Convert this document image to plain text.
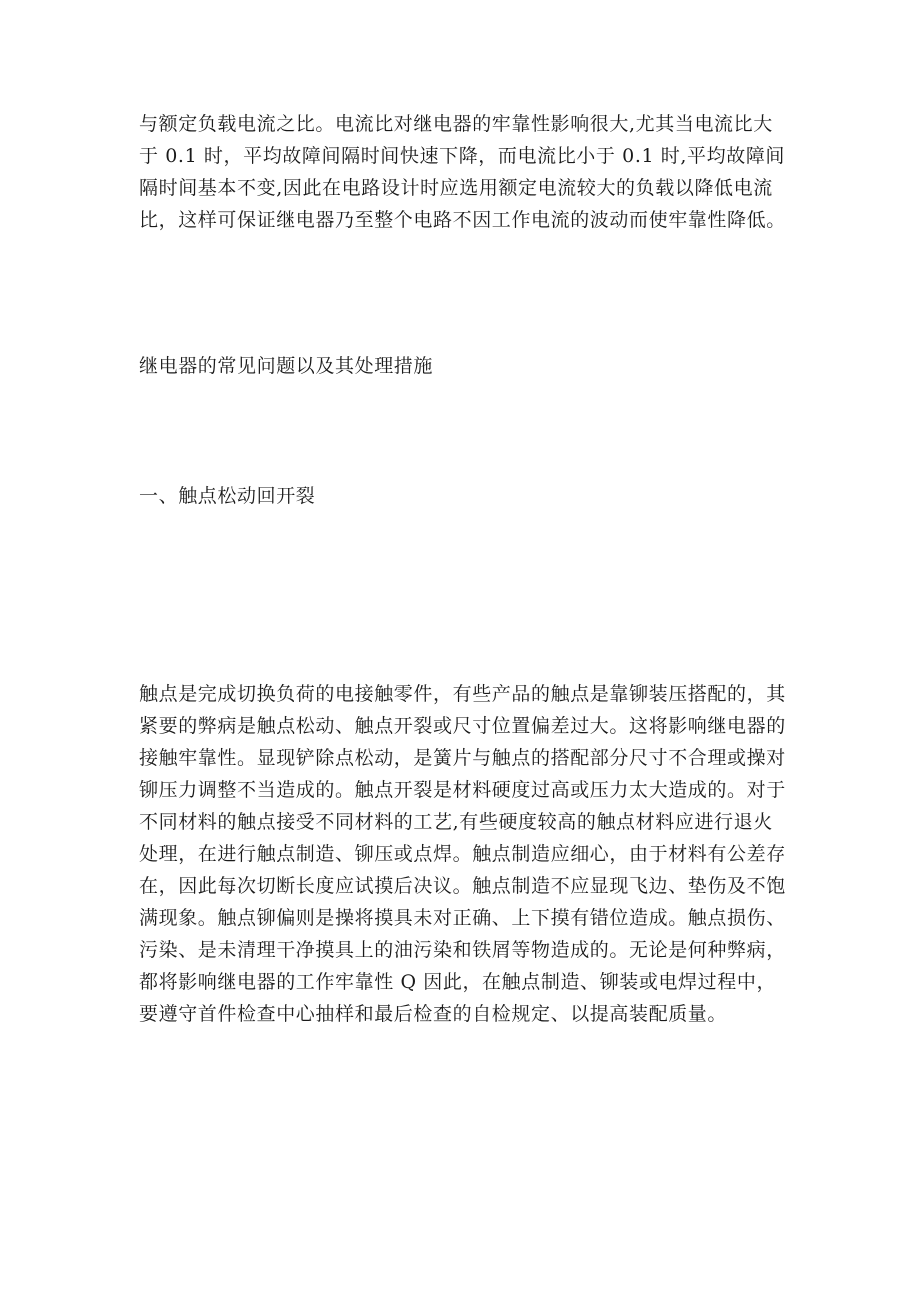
与额定负载电流之比。电流比对继电器的牢靠性影响很大,尤其当电流比大
于 0.1 时，平均故障间隔时间快速下降，而电流比小于 0.1 时,平均故障间
隔时间基本不变,因此在电路设计时应选用额定电流较大的负载以降低电流
比，这样可保证继电器乃至整个电路不因工作电流的波动而使牢靠性降低。
继电器的常见问题以及其处理措施
一、触点松动回开裂
触点是完成切换负荷的电接触零件，有些产品的触点是靠铆装压搭配的，其
紧要的弊病是触点松动、触点开裂或尺寸位置偏差过大。这将影响继电器的
接触牢靠性。显现铲除点松动，是簧片与触点的搭配部分尺寸不合理或操对
铆压力调整不当造成的。触点开裂是材料硬度过高或压力太大造成的。对于
不同材料的触点接受不同材料的工艺,有些硬度较高的触点材料应进行退火
处理，在进行触点制造、铆压或点焊。触点制造应细心，由于材料有公差存
在，因此每次切断长度应试摸后决议。触点制造不应显现飞边、垫伤及不饱
满现象。触点铆偏则是操将摸具未对正确、上下摸有错位造成。触点损伤、
污染、是未清理干净摸具上的油污染和铁屑等物造成的。无论是何种弊病，
都将影响继电器的工作牢靠性 Q 因此，在触点制造、铆装或电焊过程中，
要遵守首件检查中心抽样和最后检查的自检规定、以提高装配质量。
